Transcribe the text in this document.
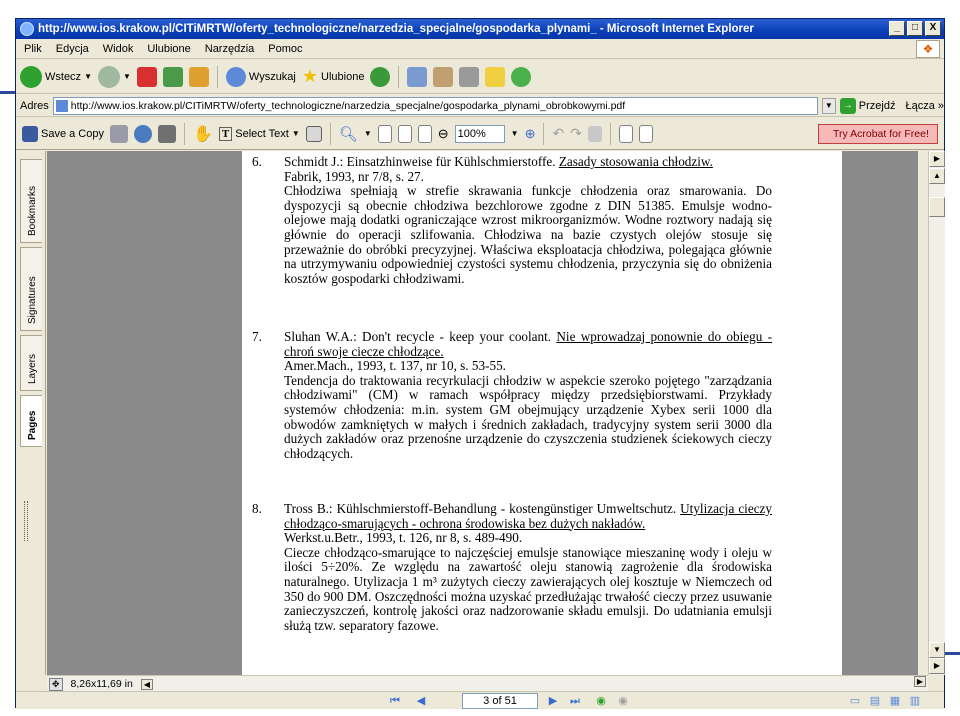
http://www.ios.krakow.pl/CITiMRTW/oferty_technologiczne/narzedzia_specjalne/gospodarka_plynami_ - Microsoft Internet Explorer	_	□	X
Plik Edycja Widok Ulubione Narzędzia Pomoc	❖
Wstecz ▼	▼	Wyszukaj ★ Ulubione
Adres http://www.ios.krakow.pl/CITiMRTW/oferty_technologiczne/narzedzia_specjalne/gospodarka_plynami_obrobkowymi.pdf	▼	→ Przejdź Łącza »
Save a Copy	✋ T Select Text ▼	🔍︎ ▼	⊖
100%	▼ ⊕ ↶ ↷	Try Acrobat for Free!
Bookmarks
Signatures
Layers
Pages
6. Schmidt J.: Einsatzhinweise für Kühlschmierstoffe. Zasady stosowania chłodziw.

Fabrik, 1993, nr 7/8, s. 27.

Chłodziwa spełniają w strefie skrawania funkcje chłodzenia oraz smarowania. Do dyspozycji są obecnie chłodziwa bezchlorowe zgodne z DIN 51385. Emulsje wodno-olejowe mają dodatki ograniczające wzrost mikroorganizmów. Wodne roztwory nadają się głównie do operacji szlifowania. Chłodziwa na bazie czystych olejów stosuje się przeważnie do obróbki precyzyjnej. Właściwa eksploatacja chłodziwa, polegająca głównie na utrzymywaniu odpowiedniej czystości systemu chłodzenia, przyczynia się do obniżenia kosztów gospodarki chłodziwami.

7. Sluhan W.A.: Don't recycle - keep your coolant. Nie wprowadzaj ponownie do obiegu - chroń swoje ciecze chłodzące.

Amer.Mach., 1993, t. 137, nr 10, s. 53-55.

Tendencja do traktowania recyrkulacji chłodziw w aspekcie szeroko pojętego "zarządzania chłodziwami" (CM) w ramach współpracy między przedsiębiorstwami. Przykłady systemów chłodzenia: m.in. system GM obejmujący urządzenie Xybex serii 1000 dla obwodów zamkniętych w małych i średnich zakładach, tradycyjny system serii 3000 dla dużych zakładów oraz przenośne urządzenie do czyszczenia studzienek ściekowych cieczy chłodzących.

8. Tross B.: Kühlschmierstoff-Behandlung - kostengünstiger Umweltschutz. Utylizacja cieczy chłodząco-smarujących - ochrona środowiska bez dużych nakładów.

Werkst.u.Betr., 1993, t. 126, nr 8, s. 489-490.

Ciecze chłodząco-smarujące to najczęściej emulsje stanowiące mieszaninę wody i oleju w ilości 5÷20%. Ze względu na zawartość oleju stanowią zagrożenie dla środowiska naturalnego. Utylizacja 1 m³ zużytych cieczy zawierających olej kosztuje w Niemczech od 350 do 900 DM. Oszczędności można uzyskać przedłużając trwałość cieczy przez usuwanie zanieczyszczeń, kontrolę jakości oraz nadzorowanie składu emulsji. Do udatniania emulsji służą tzw. separatory fazowe.

▶
▲
▼
▶
✥ 8,26x11,69 in	◀	▶
⏮ ◀	3 of 51	▶ ⏭ ◉ ◉	▭ ▤ ▦ ▥
